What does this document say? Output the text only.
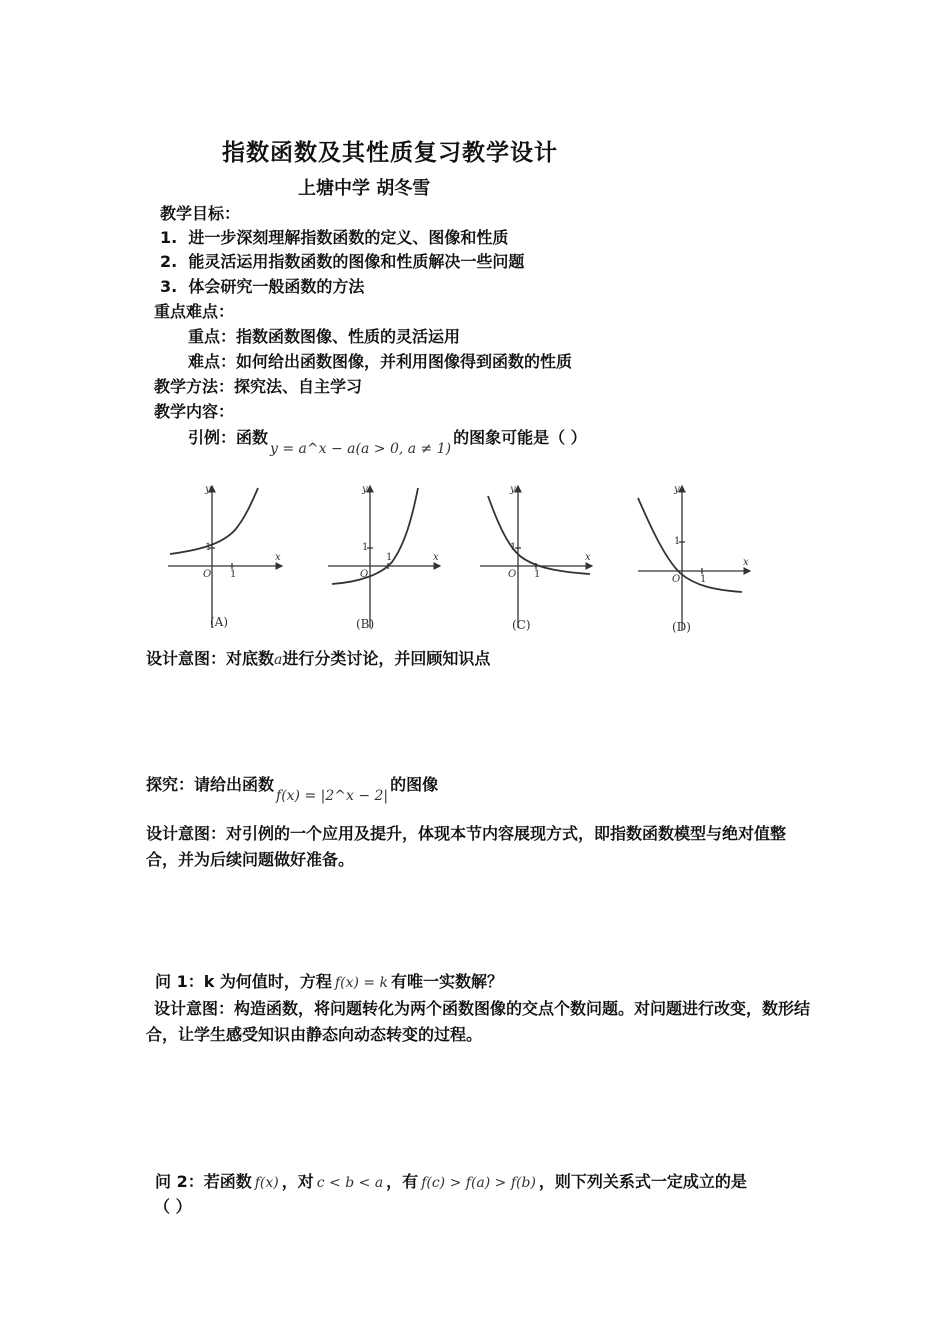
指数函数及其性质复习教学设计
上塘中学 胡冬雪
教学目标：
1. 进一步深刻理解指数函数的定义、图像和性质
2. 能灵活运用指数函数的图像和性质解决一些问题
3. 体会研究一般函数的方法
重点难点：
重点：指数函数图像、性质的灵活运用
难点：如何给出函数图像，并利用图像得到函数的性质
教学方法：探究法、自主学习
教学内容：
引例：函数y = a^x − a(a > 0, a ≠ 1)的图象可能是（ ）
y
x
O
1
1
y
x
O
1
1
y
x
O
1
1
y
x
O
1
1
(A)	(B)	(C)	(D)
设计意图：对底数a进行分类讨论，并回顾知识点
探究：请给出函数f(x) = |2^x − 2|的图像
设计意图：对引例的一个应用及提升，体现本节内容展现方式，即指数函数模型与绝对值整合，并为后续问题做好准备。
问 1：k 为何值时，方程 f(x) = k 有唯一实数解？
设计意图：构造函数，将问题转化为两个函数图像的交点个数问题。对问题进行改变，数形结合，让学生感受知识由静态向动态转变的过程。
问 2：若函数 f(x) ，对 c < b < a ，有 f(c) > f(a) > f(b) ，则下列关系式一定成立的是
（ ）
